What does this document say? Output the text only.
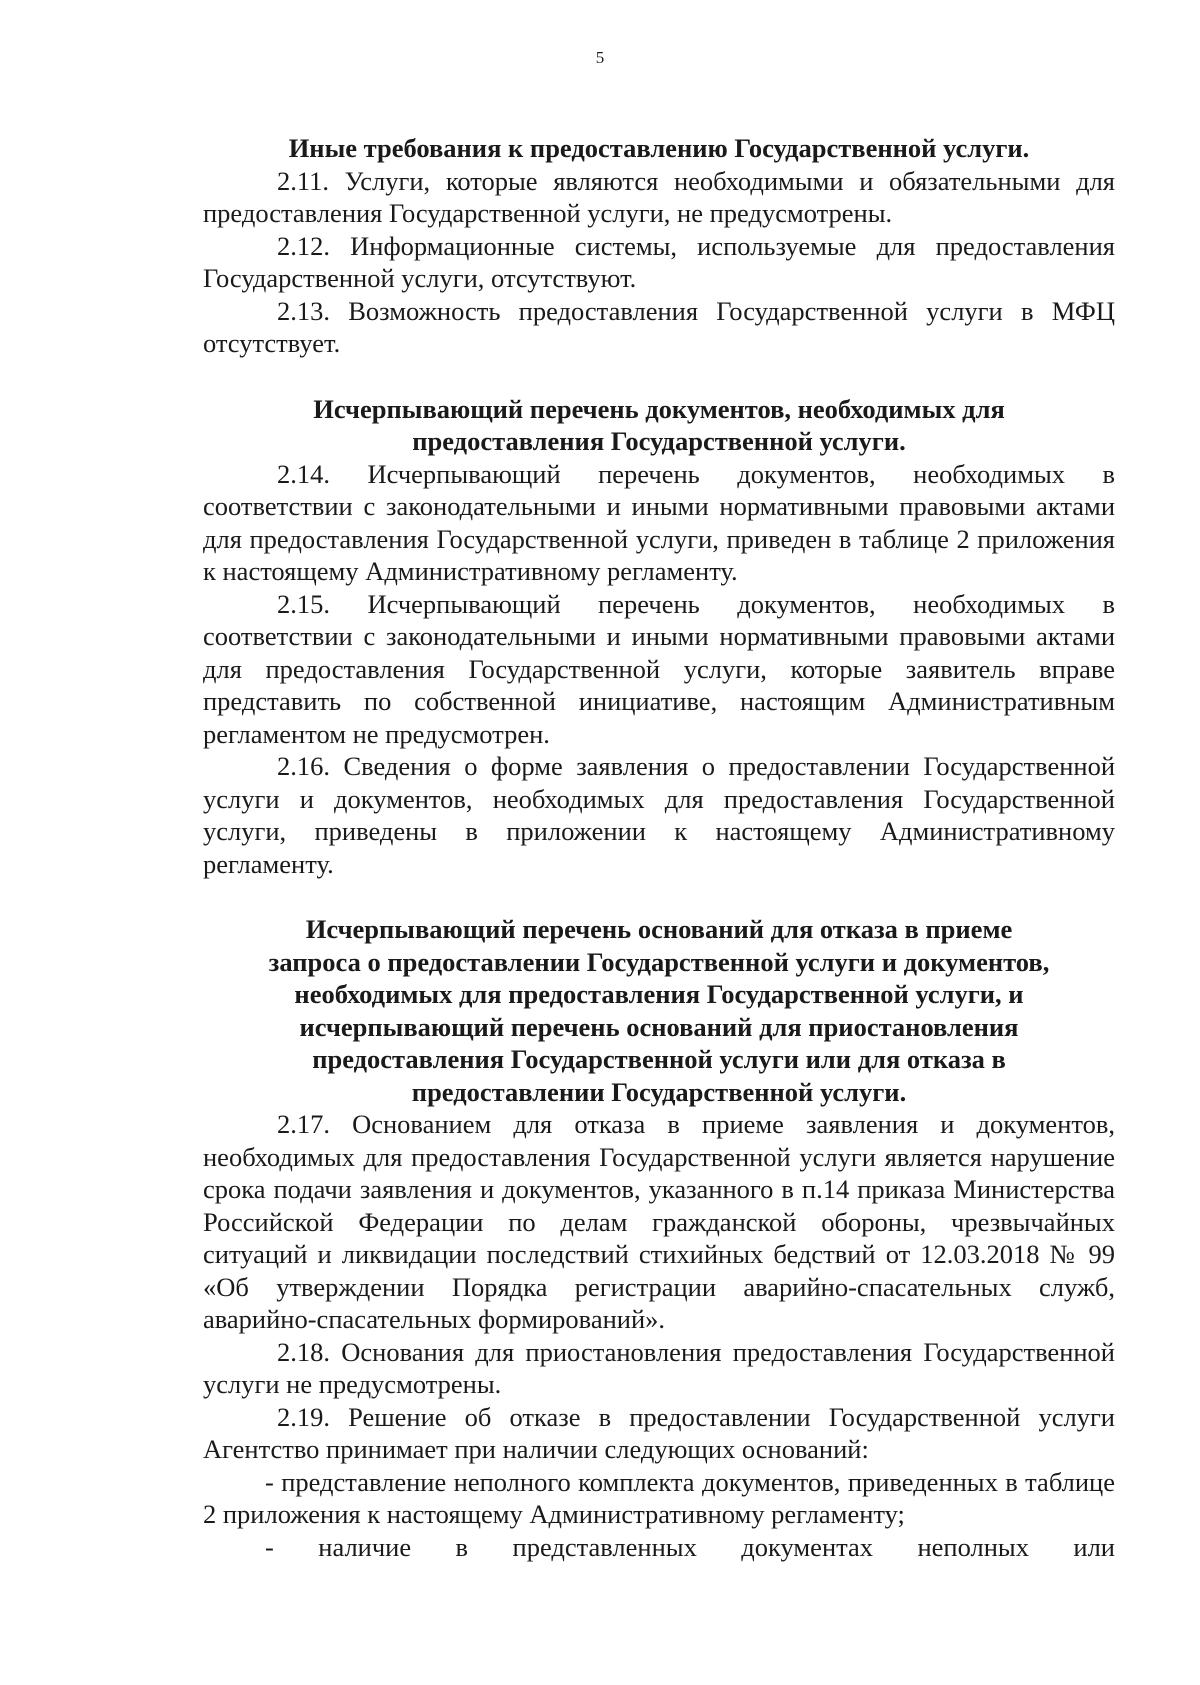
5

Иные требования к предоставлению Государственной услуги.

2.11. Услуги, которые являются необходимыми и обязательными для предоставления Государственной услуги, не предусмотрены.

2.12. Информационные системы, используемые для предоставления Государственной услуги, отсутствуют.

2.13. Возможность предоставления Государственной услуги в МФЦ отсутствует.

Исчерпывающий перечень документов, необходимых для
предоставления Государственной услуги.

2.14. Исчерпывающий перечень документов, необходимых в соответствии с законодательными и иными нормативными правовыми актами для предоставления Государственной услуги, приведен в таблице 2 приложения к настоящему Административному регламенту.

2.15. Исчерпывающий перечень документов, необходимых в соответствии с законодательными и иными нормативными правовыми актами для предоставления Государственной услуги, которые заявитель вправе представить по собственной инициативе, настоящим Административным регламентом не предусмотрен.

2.16. Сведения о форме заявления о предоставлении Государственной услуги и документов, необходимых для предоставления Государственной услуги, приведены в приложении к настоящему Административному регламенту.

Исчерпывающий перечень оснований для отказа в приеме
запроса о предоставлении Государственной услуги и документов,
необходимых для предоставления Государственной услуги, и
исчерпывающий перечень оснований для приостановления
предоставления Государственной услуги или для отказа в
предоставлении Государственной услуги.

2.17. Основанием для отказа в приеме заявления и документов, необходимых для предоставления Государственной услуги является нарушение срока подачи заявления и документов, указанного в п.14 приказа Министерства Российской Федерации по делам гражданской обороны, чрезвычайных ситуаций и ликвидации последствий стихийных бедствий от 12.03.2018 № 99 «Об утверждении Порядка регистрации аварийно-спасательных служб, аварийно-спасательных формирований».

2.18. Основания для приостановления предоставления Государственной услуги не предусмотрены.

2.19. Решение об отказе в предоставлении Государственной услуги Агентство принимает при наличии следующих оснований:

- представление неполного комплекта документов, приведенных в таблице 2 приложения к настоящему Административному регламенту;

- наличие в представленных документах неполных или
